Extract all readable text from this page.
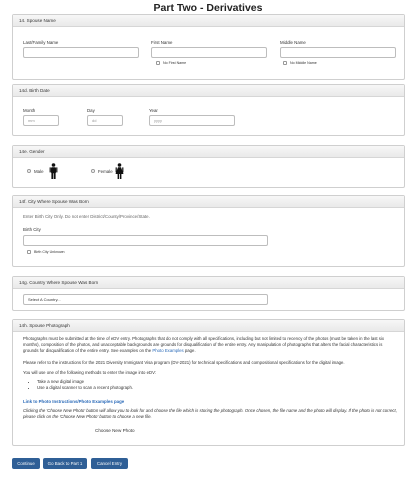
Part Two - Derivatives
14. Spouse Name
Last/Family Name	First Name
No First Name
Middle Name
No Middle Name
14d. Birth Date
Month
mm
Day
dd
Year
yyyy
14e. Gender
Male	Female
14f. City Where Spouse Was Born
Enter Birth City Only. Do not enter District/County/Province/State.
Birth City
Birth City Unknown
14g. Country Where Spouse Was Born
Select A Country...
14h. Spouse Photograph
Photographs must be submitted at the time of eDV entry. Photographs that do not comply with all specifications, including but not limited to recency of the photos (must be taken in the last six months), composition of the photos, and unacceptable backgrounds are grounds for disqualification of the entire entry. Any manipulation of photographs that alters the facial characteristics is grounds for disqualification of the entire entry. See examples on the Photo Examples page.
Please refer to the instructions for the 2021 Diversity Immigrant Visa program (DV-2021) for technical specifications and compositional specifications for the digital image.
You will use one of the following methods to enter the image into eDV:
• Take a new digital image
• Use a digital scanner to scan a recent photograph.
Link to Photo Instructions/Photo Examples page
Clicking the 'Choose New Photo' button will allow you to look for and choose the file which is storing the photograph. Once chosen, the file name and the photo will display. If the photo is not correct, please click on the 'Choose New Photo' button to choose a new file.
Choose New Photo
Continue	Go Back to Part 1	Cancel Entry
